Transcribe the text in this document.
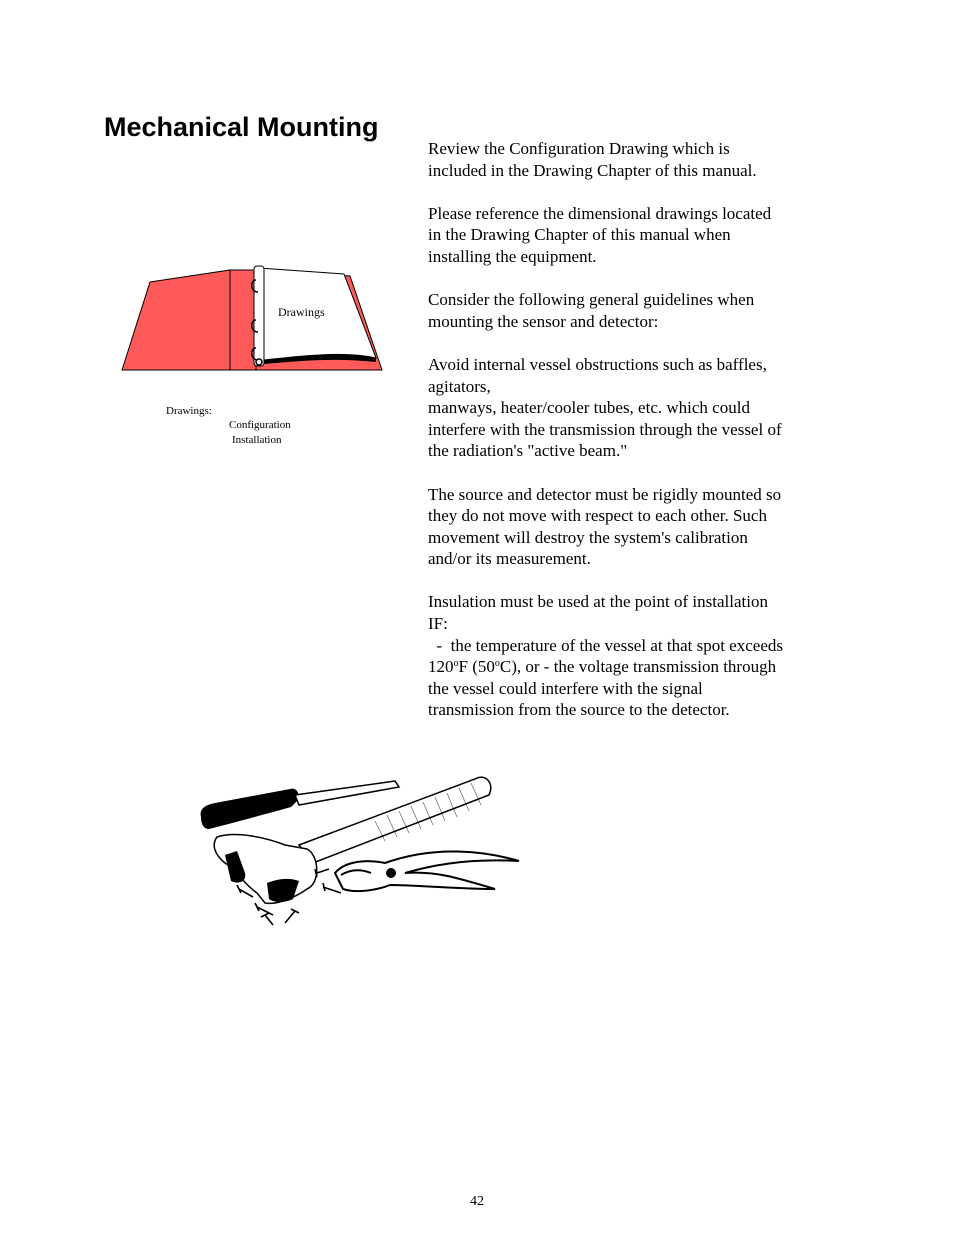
Mechanical Mounting
Drawings
Drawings:
Configuration
Installation

Review the Configuration Drawing which is
included in the Drawing Chapter of this manual.

Please reference the dimensional drawings located
in the Drawing Chapter of this manual when
installing the equipment.

Consider the following general guidelines when
mounting the sensor and detector:

Avoid internal vessel obstructions such as baffles,
agitators,
manways, heater/cooler tubes, etc. which could
interfere with the transmission through the vessel of
the radiation's "active beam."

The source and detector must be rigidly mounted so
they do not move with respect to each other. Such
movement will destroy the system's calibration
and/or its measurement.

Insulation must be used at the point of installation
IF:
-  the temperature of the vessel at that spot exceeds
120$^o$F (50$^o$C), or - the voltage transmission through
the vessel could interfere with the signal
transmission from the source to the detector.

42
